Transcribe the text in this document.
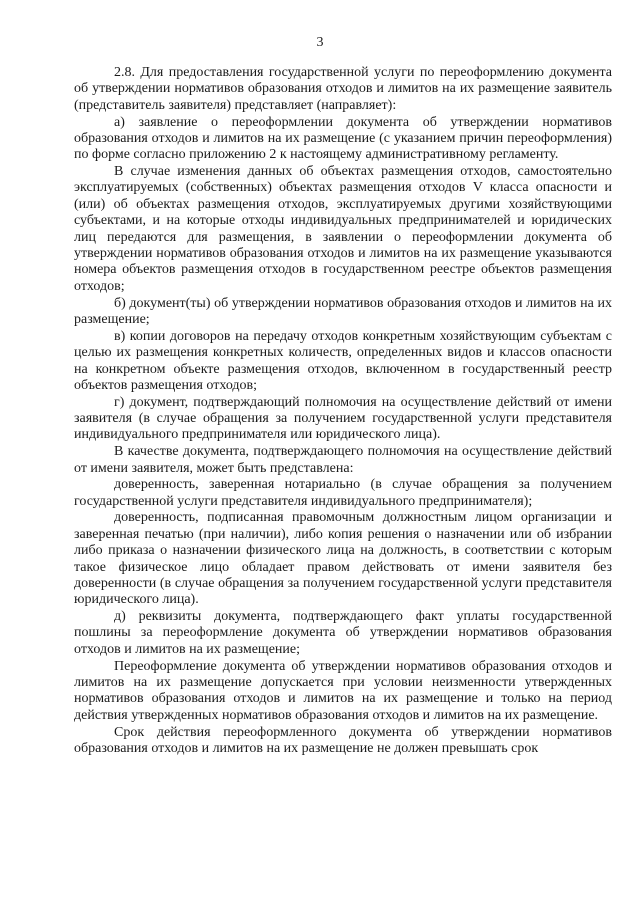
3

2.8. Для предоставления государственной услуги по переоформлению документа об утверждении нормативов образования отходов и лимитов на их размещение заявитель (представитель заявителя) представляет (направляет):

а) заявление о переоформлении документа об утверждении нормативов образования отходов и лимитов на их размещение (с указанием причин переоформления) по форме согласно приложению 2 к настоящему административному регламенту.

В случае изменения данных об объектах размещения отходов, самостоятельно эксплуатируемых (собственных) объектах размещения отходов V класса опасности и (или) об объектах размещения отходов, эксплуатируемых другими хозяйствующими субъектами, и на которые отходы индивидуальных предпринимателей и юридических лиц передаются для размещения, в заявлении о переоформлении документа об утверждении нормативов образования отходов и лимитов на их размещение указываются номера объектов размещения отходов в государственном реестре объектов размещения отходов;

б) документ(ты) об утверждении нормативов образования отходов и лимитов на их размещение;

в) копии договоров на передачу отходов конкретным хозяйствующим субъектам с целью их размещения конкретных количеств, определенных видов и классов опасности на конкретном объекте размещения отходов, включенном в государственный реестр объектов размещения отходов;

г) документ, подтверждающий полномочия на осуществление действий от имени заявителя (в случае обращения за получением государственной услуги представителя индивидуального предпринимателя или юридического лица).

В качестве документа, подтверждающего полномочия на осуществление действий от имени заявителя, может быть представлена:

доверенность, заверенная нотариально (в случае обращения за получением государственной услуги представителя индивидуального предпринимателя);

доверенность, подписанная правомочным должностным лицом организации и заверенная печатью (при наличии), либо копия решения о назначении или об избрании либо приказа о назначении физического лица на должность, в соответствии с которым такое физическое лицо обладает правом действовать от имени заявителя без доверенности (в случае обращения за получением государственной услуги представителя юридического лица).

д) реквизиты документа, подтверждающего факт уплаты государственной пошлины за переоформление документа об утверждении нормативов образования отходов и лимитов на их размещение;

Переоформление документа об утверждении нормативов образования отходов и лимитов на их размещение допускается при условии неизменности утвержденных нормативов образования отходов и лимитов на их размещение и только на период действия утвержденных нормативов образования отходов и лимитов на их размещение.

Срок действия переоформленного документа об утверждении нормативов образования отходов и лимитов на их размещение не должен превышать срок
